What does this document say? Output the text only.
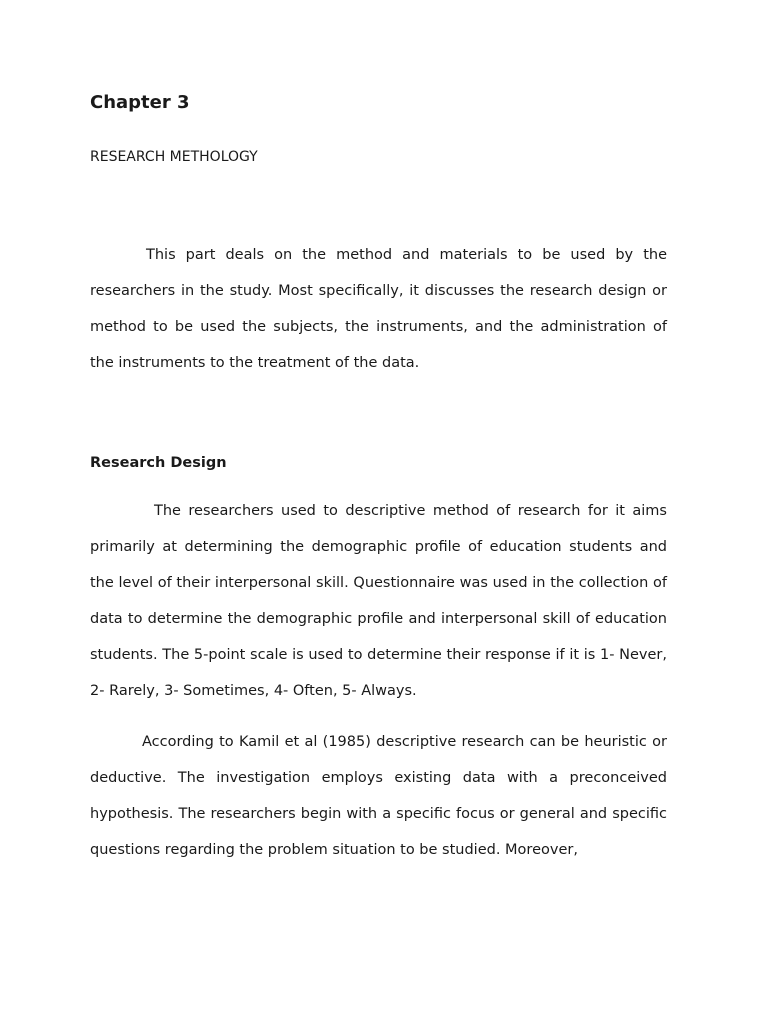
Chapter 3
RESEARCH METHOLOGY

This part deals on the method and materials to be used by the researchers in the study. Most specifically, it discusses the research design or method to be used the subjects, the instruments, and the administration of the instruments to the treatment of the data.

Research Design

The researchers used to descriptive method of research for it aims primarily at determining the demographic profile of education students and the level of their interpersonal skill. Questionnaire was used in the collection of data to determine the demographic profile and interpersonal skill of education students. The 5-point scale is used to determine their response if it is 1- Never, 2- Rarely, 3- Sometimes, 4- Often, 5- Always.

According to Kamil et al (1985) descriptive research can be heuristic or deductive. The investigation employs existing data with a preconceived hypothesis. The researchers begin with a specific focus or general and specific questions regarding the problem situation to be studied. Moreover,
